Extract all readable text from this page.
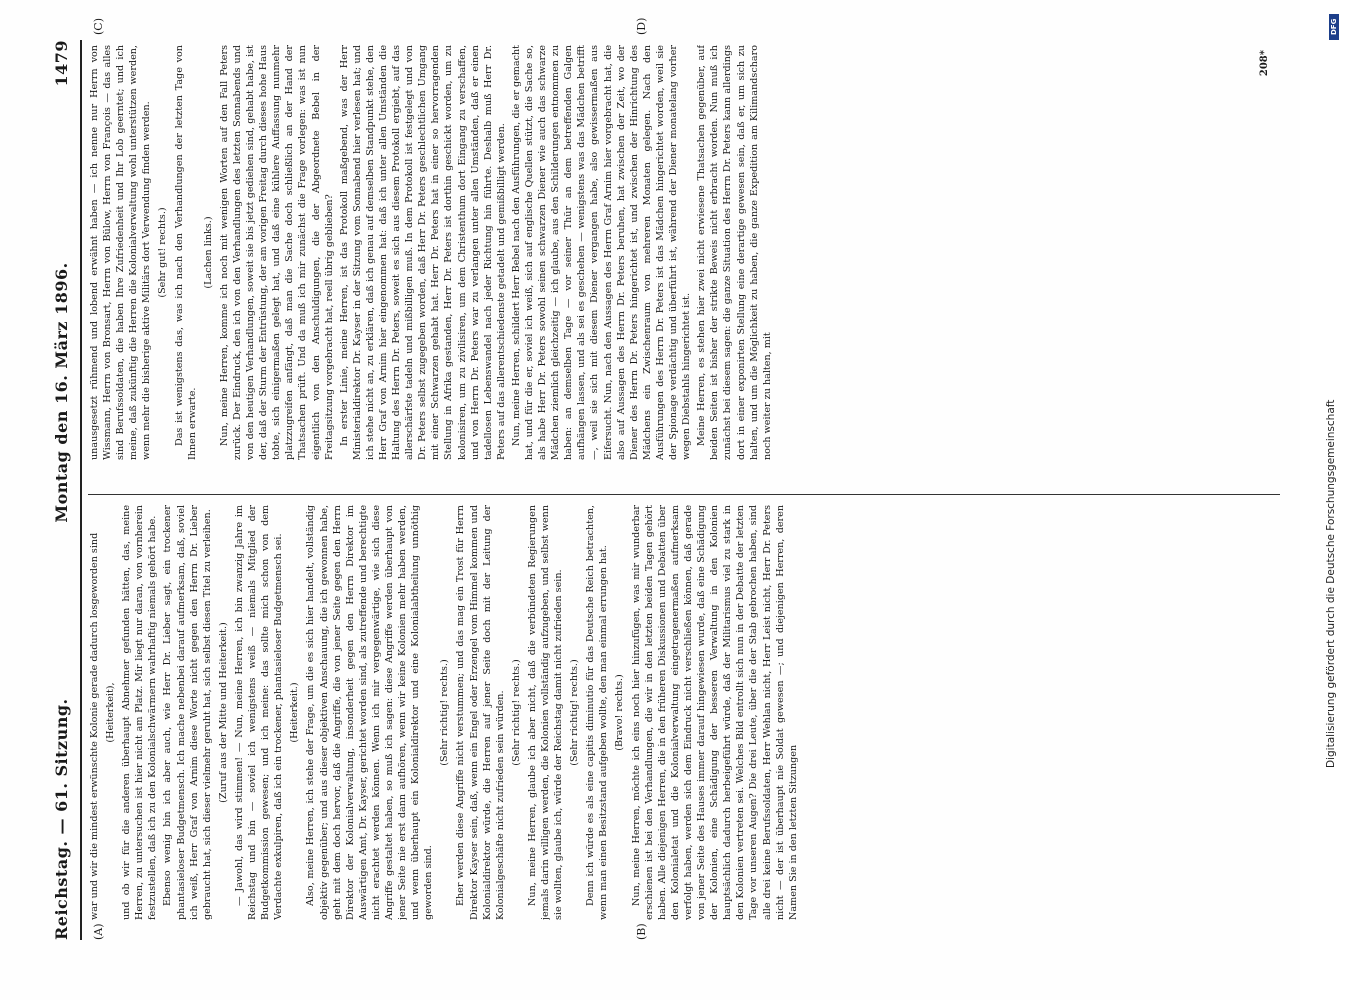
Reichstag. — 61. Sitzung.
Montag den 16. März 1896.
1479
(A)	(B)
(C)	(D)

war und wir die mindest erwünschte Kolonie gerade dadurch losgeworden sind (Heiterkeit), und ob wir für die anderen überhaupt Abnehmer gefunden hätten, das, meine Herren, zu untersuchen ist hier nicht am Platz. Mir liegt nur daran, von vornherein festzustellen, daß ich zu den Kolonialschwärmern wahrhaftig niemals gehört habe. Ebenso wenig bin ich aber auch, wie Herr Dr. Lieber sagt, ein trockener phantasieloser Budgetmensch. Ich mache nebenbei darauf aufmerksam, daß, soviel ich weiß, Herr Graf von Arnim diese Worte nicht gegen den Herrn Dr. Lieber gebraucht hat, sich dieser vielmehr geruht hat, sich selbst diesen Titel zu verleihen. (Zuruf aus der Mitte und Heiterkeit.) — Jawohl, das wird stimmen! — Nun, meine Herren, ich bin zwanzig Jahre im Reichstag und bin — soviel ich wenigstens weiß — niemals Mitglied der Budgetkommission gewesen; und ich meine: das sollte mich schon von dem Verdachte exkulpiren, daß ich ein trockener, phantasieloser Budgetmensch sei. (Heiterkeit.) Also, meine Herren, ich stehe der Frage, um die es sich hier handelt, vollständig objektiv gegenüber; und aus dieser objektiven Anschauung, die ich gewonnen habe, geht mit dem doch hervor, daß die Angriffe, die von jener Seite gegen den Herrn Direktor der Kolonialverwaltung, insonderheit gegen den Herrn Direktor im Auswärtigen Amt, Dr. Kayser, gerichtet worden sind, als zutreffende und berechtigte nicht erachtet werden können. Wenn ich mir vergegenwärtige, wie sich diese Angriffe gestaltet haben, so muß ich sagen: diese Angriffe werden überhaupt von jener Seite nie erst dann aufhören, wenn wir keine Kolonien mehr haben werden, und wenn überhaupt ein Kolonialdirektor und eine Kolonialabtheilung unnöthig geworden sind.

(Sehr richtig! rechts.) Eher werden diese Angriffe nicht verstummen; und das mag ein Trost für Herrn Direktor Kayser sein, daß, wenn ein Engel oder Erzengel vom Himmel kommen und Kolonialdirektor würde, die Herren auf jener Seite doch mit der Leitung der Kolonialgeschäfte nicht zufrieden sein würden. (Sehr richtig! rechts.) Nun, meine Herren, glaube ich aber nicht, daß die verbündeten Regierungen jemals darin willigen werden, die Kolonien vollständig aufzugeben, und selbst wenn sie wollten, glaube ich, würde der Reichstag damit nicht zufrieden sein. (Sehr richtig! rechts.) Denn ich würde es als eine capitis diminutio für das Deutsche Reich betrachten, wenn man einen Besitzstand aufgeben wollte, den man einmal errungen hat. (Bravo! rechts.) Nun, meine Herren, möchte ich eins noch hier hinzufügen, was mir wunderbar erschienen ist bei den Verhandlungen, die wir in den letzten beiden Tagen gehört haben. Alle diejenigen Herren, die in den früheren Diskussionen und Debatten über den Kolonialetat und die Kolonialverwaltung eingetragenermaßen aufmerksam verfolgt haben, werden sich dem Eindruck nicht verschließen können, daß gerade von jener Seite des Hauses immer darauf hingewiesen wurde, daß eine Schädigung der Kolonien, eine Schädigung der besseren Verwaltung in den Kolonien hauptsächlich dadurch herbeigeführt würde, daß der Militarismus viel zu stark in den Kolonien vertreten sei. Welches Bild entrollt sich nun in der Debatte der letzten Tage vor unseren Augen? Die drei Leute, über die der Stab gebrochen haben, sind alle drei keine Berufssoldaten, Herr Wehlan nicht, Herr Leist nicht, Herr Dr. Peters nicht — der ist überhaupt nie Soldat gewesen —; und diejenigen Herren, deren Namen Sie in den letzten Sitzungen

unausgesetzt rühmend und lobend erwähnt haben — ich nenne nur Herrn von Wissmann, Herrn von Bronsart, Herrn von Bülow, Herrn von François — das alles sind Berufssoldaten, die haben Ihre Zufriedenheit und Ihr Lob geerntet; und ich meine, daß zukünftig die Herren die Kolonialverwaltung wohl unterstützen werden, wenn mehr die bisherige aktive Militärs dort Verwendung finden werden. (Sehr gut! rechts.) Das ist wenigstens das, was ich nach den Verhandlungen der letzten Tage von Ihnen erwarte.

(Lachen links.) Nun, meine Herren, komme ich noch mit wenigen Worten auf den Fall Peters zurück. Der Eindruck, den ich von den Verhandlungen des letzten Sonnabends und von den heutigen Verhandlungen, soweit sie bis jetzt gediehen sind, gehabt habe, ist der, daß der Sturm der Entrüstung, der am vorigen Freitag durch dieses hohe Haus tobte, sich einigermaßen gelegt hat, und daß eine kühlere Auffassung nunmehr platzzugreifen anfängt, daß man die Sache doch schließlich an der Hand der Thatsachen prüft. Und da muß ich mir zunächst die Frage vorlegen: was ist nun eigentlich von den Anschuldigungen, die der Abgeordnete Bebel in der Freitagsitzung vorgebracht hat, reell übrig geblieben? In erster Linie, meine Herren, ist das Protokoll maßgebend, was der Herr Ministerialdirektor Dr. Kayser in der Sitzung vom Sonnabend hier verlesen hat; und ich stehe nicht an, zu erklären, daß ich genau auf demselben Standpunkt stehe, den Herr Graf von Arnim hier eingenommen hat: daß ich unter allen Umständen die Haltung des Herrn Dr. Peters, soweit es sich aus diesem Protokoll ergiebt, auf das allerschärfste tadeln und mißbilligen muß. In dem Protokoll ist festgelegt und von Dr. Peters selbst zugegeben worden, daß Herr Dr. Peters geschlechtlichen Umgang mit einer Schwarzen gehabt hat. Herr Dr. Peters hat in einer so hervorragenden Stellung in Afrika gestanden, Herr Dr. Peters ist dorthin geschickt worden, um zu kolonisiren, um zu zivilisiren, um dem Christenthum dort Eingang zu verschaffen, und von Herrn Dr. Peters war zu verlangen unter allen Umständen, daß er einen tadellosen Lebenswandel nach jeder Richtung hin führte. Deshalb muß Herr Dr. Peters auf das allerentschiedenste getadelt und gemißbilligt werden. Nun, meine Herren, schildert Herr Bebel nach den Ausführungen, die er gemacht hat, und für die er, soviel ich weiß, sich auf englische Quellen stützt, die Sache so, als habe Herr Dr. Peters sowohl seinen schwarzen Diener wie auch das schwarze Mädchen ziemlich gleichzeitig — ich glaube, aus den Schilderungen entnommen zu haben: an demselben Tage — vor seiner Thür an dem betreffenden Galgen aufhängen lassen, und als sei es geschehen — wenigstens was das Mädchen betrifft —, weil sie sich mit diesem Diener vergangen habe, also gewissermaßen aus Eifersucht. Nun, nach den Aussagen des Herrn Graf Arnim hier vorgebracht hat, die also auf Aussagen des Herrn Dr. Peters beruhen, hat zwischen der Zeit, wo der Diener des Herrn Dr. Peters hingerichtet ist, und zwischen der Hinrichtung des Mädchens ein Zwischenraum von mehreren Monaten gelegen. Nach den Ausführungen des Herrn Dr. Peters ist das Mädchen hingerichtet worden, weil sie der Spionage verdächtig und überführt ist, während der Diener monatelang vorher wegen Diebstahls hingerichtet ist. Meine Herren, es stehen hier zwei nicht erwiesene Thatsachen gegenüber, auf beiden Seiten ist bisher der strikte Beweis nicht erbracht worden. Nun muß ich zunächst bei diesem sagen: die ganze Situation des Herrn Dr. Peters kann allerdings dort in einer exponirten Stellung eine derartige gewesen sein, daß er, um sich zu halten, und um die Möglichkeit zu haben, die ganze Expedition am Kilimandscharo noch weiter zu halten, mit

208*
DFG
Digitalisierung gefördert durch die Deutsche Forschungsgemeinschaft
